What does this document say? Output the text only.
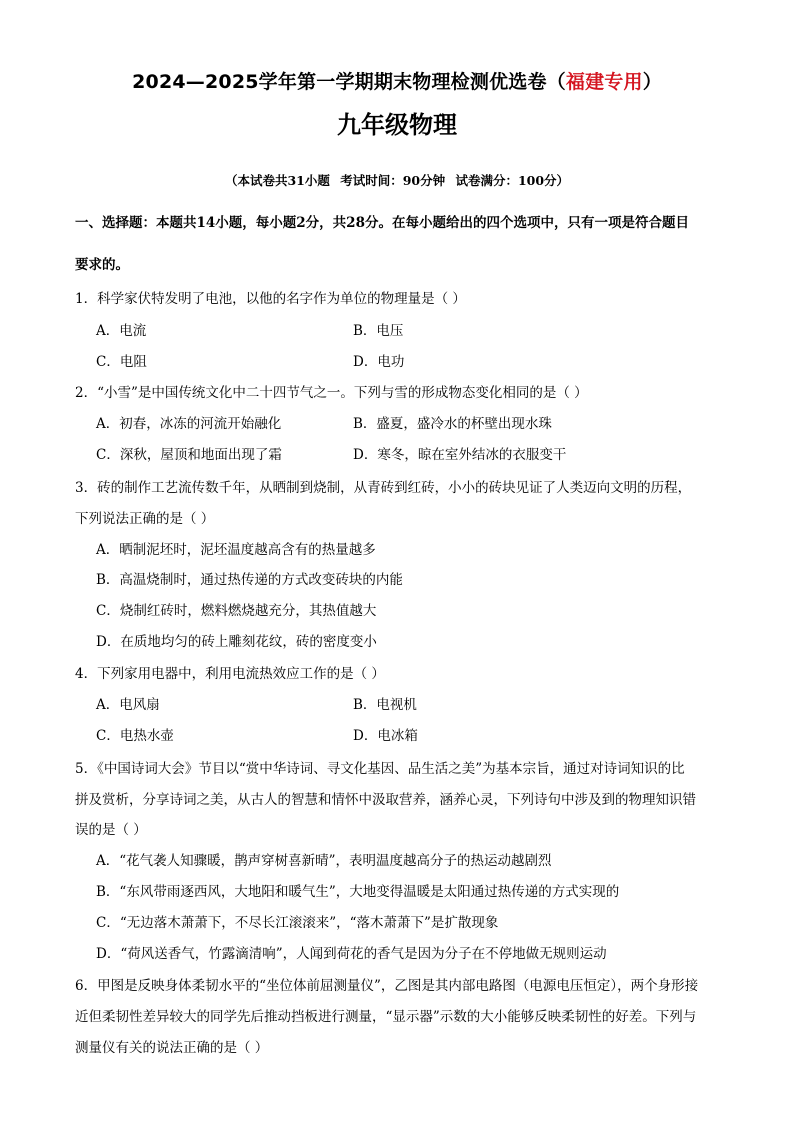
2024—2025学年第一学期期末物理检测优选卷（福建专用）
九年级物理
（本试卷共31小题 考试时间：90分钟 试卷满分：100分）
一、选择题：本题共14小题，每小题2分，共28分。在每小题给出的四个选项中，只有一项是符合题目
要求的。
1．科学家伏特发明了电池，以他的名字作为单位的物理量是（ ）
A．电流	B．电压
C．电阻	D．电功
2．“小雪”是中国传统文化中二十四节气之一。下列与雪的形成物态变化相同的是（ ）
A．初春，冰冻的河流开始融化	B．盛夏，盛冷水的杯壁出现水珠
C．深秋，屋顶和地面出现了霜	D．寒冬，晾在室外结冰的衣服变干
3．砖的制作工艺流传数千年，从晒制到烧制，从青砖到红砖，小小的砖块见证了人类迈向文明的历程，
下列说法正确的是（ ）
A．晒制泥坯时，泥坯温度越高含有的热量越多
B．高温烧制时，通过热传递的方式改变砖块的内能
C．烧制红砖时，燃料燃烧越充分，其热值越大
D．在质地均匀的砖上雕刻花纹，砖的密度变小
4．下列家用电器中，利用电流热效应工作的是（ ）
A．电风扇	B．电视机
C．电热水壶	D．电冰箱
5．《中国诗词大会》节目以“赏中华诗词、寻文化基因、品生活之美”为基本宗旨，通过对诗词知识的比
拼及赏析，分享诗词之美，从古人的智慧和情怀中汲取营养，涵养心灵，下列诗句中涉及到的物理知识错
误的是（ ）
A．“花气袭人知骤暖，鹊声穿树喜新晴”，表明温度越高分子的热运动越剧烈
B．“东风带雨逐西风，大地阳和暖气生”，大地变得温暖是太阳通过热传递的方式实现的
C．“无边落木萧萧下，不尽长江滚滚来”，“落木萧萧下”是扩散现象
D．“荷风送香气，竹露滴清响”，人闻到荷花的香气是因为分子在不停地做无规则运动
6．甲图是反映身体柔韧水平的“坐位体前屈测量仪”，乙图是其内部电路图（电源电压恒定），两个身形接
近但柔韧性差异较大的同学先后推动挡板进行测量，“显示器”示数的大小能够反映柔韧性的好差。下列与
测量仪有关的说法正确的是（ ）
